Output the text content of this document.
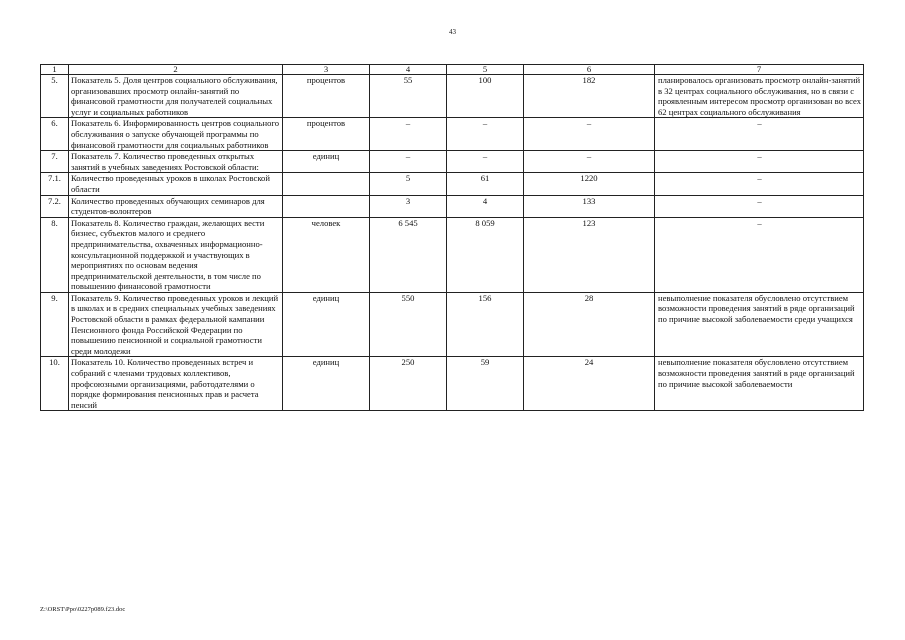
43
1	2	3	4	5	6	7
5.	Показатель 5. Доля центров социального обслуживания, организовавших просмотр онлайн-занятий по финансовой грамотности для получателей социальных услуг и социальных работников	процентов	55	100	182	планировалось организовать просмотр онлайн-занятий в 32 центрах социального обслуживания, но в связи с проявленным интересом просмотр организован во всех 62 центрах социального обслуживания
6.	Показатель 6. Информированность центров социального обслуживания о запуске обучающей программы по финансовой грамотности для социальных работников	процентов	–	–	–	–
7.	Показатель 7. Количество проведенных открытых занятий в учебных заведениях Ростовской области:	единиц	–	–	–	–
7.1.	Количество проведенных уроков в школах Ростовской области		5	61	1220	–
7.2.	Количество проведенных обучающих семинаров для студентов-волонтеров		3	4	133	–
8.	Показатель 8. Количество граждан, желающих вести бизнес, субъектов малого и среднего предпринимательства, охваченных информационно-консультационной поддержкой и участвующих в мероприятиях по основам ведения предпринимательской деятельности, в том числе по повышению финансовой грамотности	человек	6 545	8 059	123	–
9.	Показатель 9. Количество проведенных уроков и лекций в школах и в средних специальных учебных заведениях Ростовской области в рамках федеральной кампании Пенсионного фонда Российской Федерации по повышению пенсионной и социальной грамотности среди молодежи	единиц	550	156	28	невыполнение показателя обусловлено отсутствием возможности проведения занятий в ряде организаций по причине высокой заболеваемости среди учащихся
10.	Показатель 10. Количество проведенных встреч и собраний с членами трудовых коллективов, профсоюзными организациями, работодателями о порядке формирования пенсионных прав и расчета пенсий	единиц	250	59	24	невыполнение показателя обусловлено отсутствием возможности проведения занятий в ряде организаций по причине высокой заболеваемости
Z:\ORST\Ppo\0227p089.f23.doc
